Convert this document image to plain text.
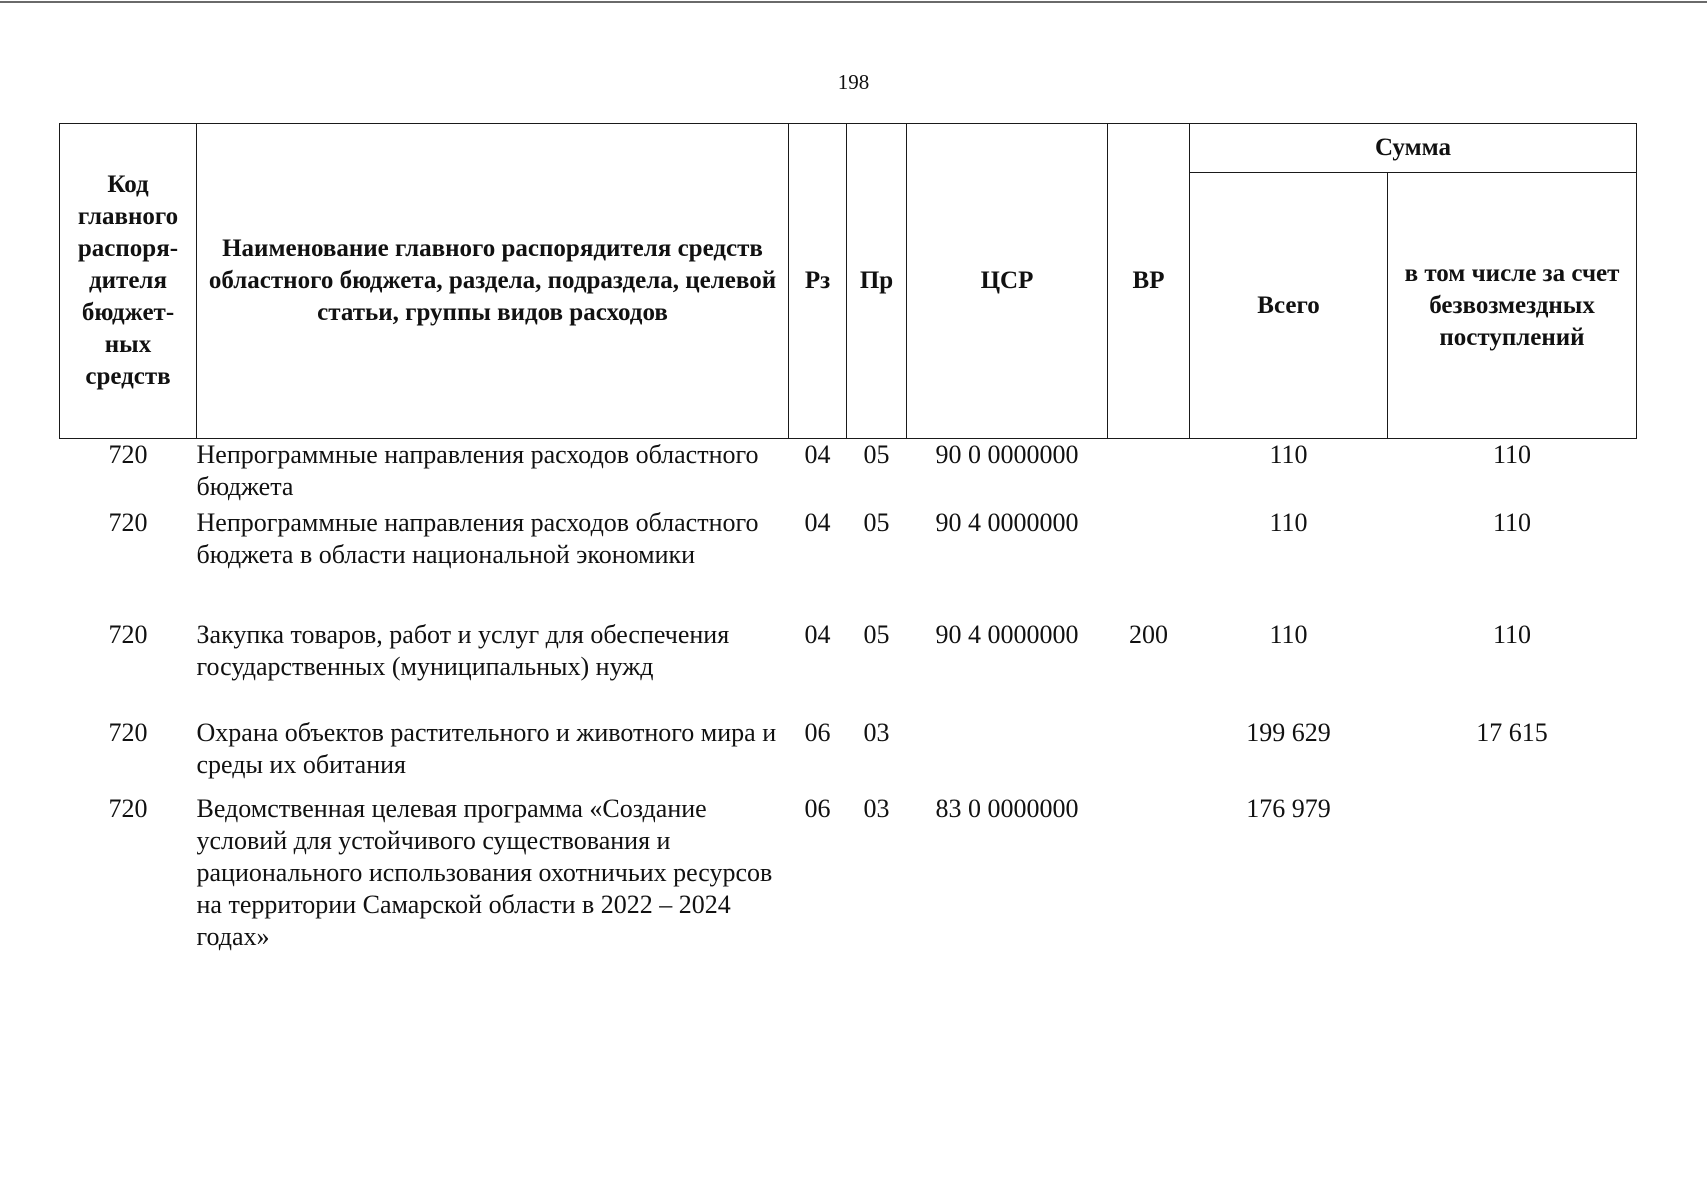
198
Код главного распоря-дителя бюджет-ных средств	Наименование главного распорядителя средств областного бюджета, раздела, подраздела, целевой статьи, группы видов расходов	Рз	Пр	ЦСР	ВР	Сумма	
						Всего	в том числе за счет безвозмездных поступлений
720	Непрограммные направления расходов областного бюджета	04	05	90 0 0000000		110	110
720	Непрограммные направления расходов областного бюджета в области национальной экономики	04	05	90 4 0000000		110	110
720	Закупка товаров, работ и услуг для обеспечения государственных (муниципальных) нужд	04	05	90 4 0000000	200	110	110
720	Охрана объектов растительного и животного мира и среды их обитания	06	03			199 629	17 615
720	Ведомственная целевая программа «Создание условий для устойчивого существования и рационального использования охотничьих ресурсов на территории Самарской области в 2022 – 2024 годах»	06	03	83 0 0000000		176 979	
